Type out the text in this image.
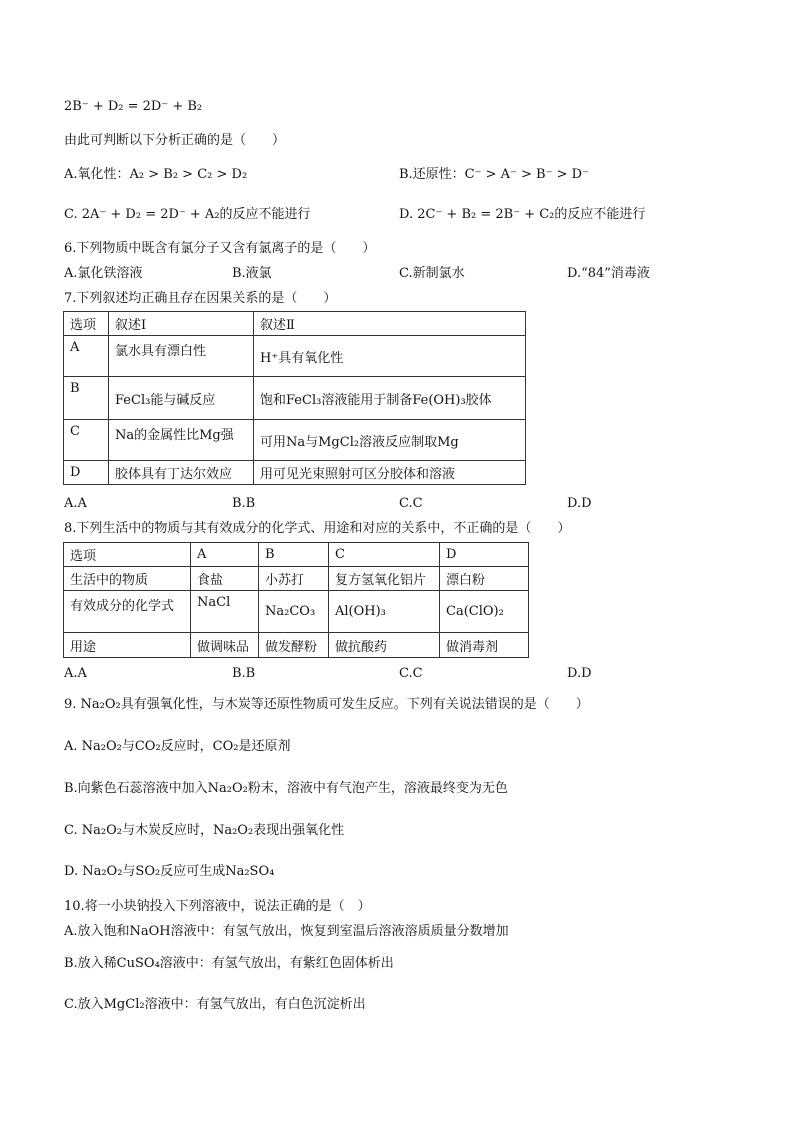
2B⁻ + D₂ = 2D⁻ + B₂
由此可判断以下分析正确的是（　　）
A.氧化性：A₂ > B₂ > C₂ > D₂	B.还原性：C⁻ > A⁻ > B⁻ > D⁻
C. 2A⁻ + D₂ = 2D⁻ + A₂的反应不能进行	D. 2C⁻ + B₂ = 2B⁻ + C₂的反应不能进行
6.下列物质中既含有氯分子又含有氯离子的是（　　）
A.氯化铁溶液	B.液氯	C.新制氯水	D.“84”消毒液
7.下列叙述均正确且存在因果关系的是（　　）
选项	叙述Ⅰ	叙述Ⅱ
A	氯水具有漂白性	H⁺具有氧化性
B	FeCl₃能与碱反应	饱和FeCl₃溶液能用于制备Fe(OH)₃胶体
C	Na的金属性比Mg强	可用Na与MgCl₂溶液反应制取Mg
D	胶体具有丁达尔效应	用可见光束照射可区分胶体和溶液
A.A	B.B	C.C	D.D
8.下列生活中的物质与其有效成分的化学式、用途和对应的关系中，不正确的是（　　）
选项	A	B	C	D
生活中的物质	食盐	小苏打	复方氢氧化铝片	漂白粉
有效成分的化学式	NaCl	Na₂CO₃	Al(OH)₃	Ca(ClO)₂
用途	做调味品	做发酵粉	做抗酸药	做消毒剂
A.A	B.B	C.C	D.D
9. Na₂O₂具有强氧化性，与木炭等还原性物质可发生反应。下列有关说法错误的是（　　）
A. Na₂O₂与CO₂反应时，CO₂是还原剂
B.向紫色石蕊溶液中加入Na₂O₂粉末，溶液中有气泡产生，溶液最终变为无色
C. Na₂O₂与木炭反应时，Na₂O₂表现出强氧化性
D. Na₂O₂与SO₂反应可生成Na₂SO₄
10.将一小块钠投入下列溶液中，说法正确的是（　）
A.放入饱和NaOH溶液中：有氢气放出，恢复到室温后溶液溶质质量分数增加
B.放入稀CuSO₄溶液中：有氢气放出，有紫红色固体析出
C.放入MgCl₂溶液中：有氢气放出，有白色沉淀析出
